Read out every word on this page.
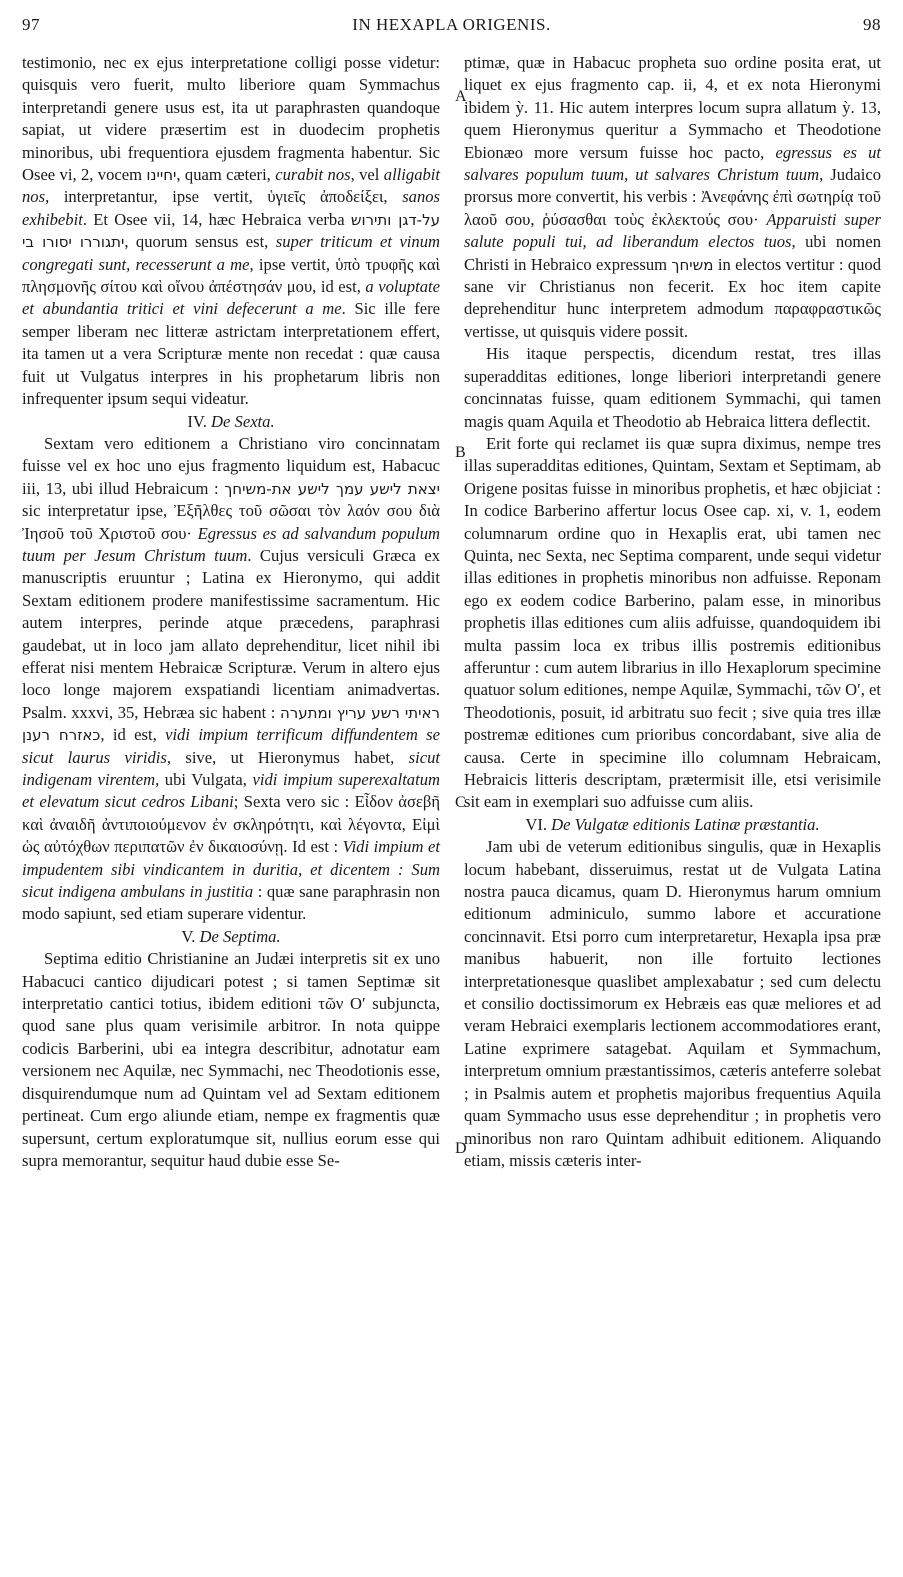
97	IN HEXAPLA ORIGENIS.	98

testimonio, nec ex ejus interpretatione colligi posse videtur: quisquis vero fuerit, multo liberiore quam Symmachus interpretandi genere usus est, ita ut paraphrasten quandoque sapiat, ut videre præsertim est in duodecim prophetis minoribus, ubi frequentiora ejusdem fragmenta habentur. Sic Osee vi, 2, vocem יחיינו, quam cæteri, curabit nos, vel alligabit nos, interpretantur, ipse vertit, ὑγιεῖς ἀποδείξει, sanos exhibebit. Et Osee vii, 14, hæc Hebraica verba על-דגן ותירוש יתגוררו יסורו בי, quorum sensus est, super triticum et vinum congregati sunt, recesserunt a me, ipse vertit, ὑπὸ τρυφῆς καὶ πλησμονῆς σίτου καὶ οἴνου ἀπέστησάν μου, id est, a voluptate et abundantia tritici et vini defecerunt a me. Sic ille fere semper liberam nec litteræ astrictam interpretationem effert, ita tamen ut a vera Scripturæ mente non recedat : quæ causa fuit ut Vulgatus interpres in his prophetarum libris non infrequenter ipsum sequi videatur.

IV. De Sexta.

Sextam vero editionem a Christiano viro concinnatam fuisse vel ex hoc uno ejus fragmento liquidum est, Habacuc iii, 13, ubi illud Hebraicum : יצאת לישע עמך לישע את-משיחך sic interpretatur ipse, Ἐξῆλθες τοῦ σῶσαι τὸν λαόν σου διὰ Ἰησοῦ τοῦ Χριστοῦ σου· Egressus es ad salvandum populum tuum per Jesum Christum tuum. Cujus versiculi Græca ex manuscriptis eruuntur ; Latina ex Hieronymo, qui addit Sextam editionem prodere manifestissime sacramentum. Hic autem interpres, perinde atque præcedens, paraphrasi gaudebat, ut in loco jam allato deprehenditur, licet nihil ibi efferat nisi mentem Hebraicæ Scripturæ. Verum in altero ejus loco longe majorem exspatiandi licentiam animadvertas. Psalm. xxxvi, 35, Hebræa sic habent : ראיתי רשע עריץ ומתערה כאזרח רענן, id est, vidi impium terrificum diffundentem se sicut laurus viridis, sive, ut Hieronymus habet, sicut indigenam virentem, ubi Vulgata, vidi impium superexaltatum et elevatum sicut cedros Libani; Sexta vero sic : Εἶδον ἀσεβῆ καὶ ἀναιδῆ ἀντιποιούμενον ἐν σκληρότητι, καὶ λέγοντα, Εἰμὶ ὡς αὐτόχθων περιπατῶν ἐν δικαιοσύνῃ. Id est : Vidi impium et impudentem sibi vindicantem in duritia, et dicentem : Sum sicut indigena ambulans in justitia : quæ sane paraphrasin non modo sapiunt, sed etiam superare videntur.

V. De Septima.

Septima editio Christianine an Judæi interpretis sit ex uno Habacuci cantico dijudicari potest ; si tamen Septimæ sit interpretatio cantici totius, ibidem editioni τῶν Ο′ subjuncta, quod sane plus quam verisimile arbitror. In nota quippe codicis Barberini, ubi ea integra describitur, adnotatur eam versionem nec Aquilæ, nec Symmachi, nec Theodotionis esse, disquirendumque num ad Quintam vel ad Sextam editionem pertineat. Cum ergo aliunde etiam, nempe ex fragmentis quæ supersunt, certum exploratumque sit, nullius eorum esse qui supra memorantur, sequitur haud dubie esse Se-

A
B
C
D

ptimæ, quæ in Habacuc propheta suo ordine posita erat, ut liquet ex ejus fragmento cap. ii, 4, et ex nota Hieronymi ibidem ỳ. 11. Hic autem interpres locum supra allatum ỳ. 13, quem Hieronymus queritur a Symmacho et Theodotione Ebionæo more versum fuisse hoc pacto, egressus es ut salvares populum tuum, ut salvares Christum tuum, Judaico prorsus more convertit, his verbis : Ἀνεφάνης ἐπὶ σωτηρίᾳ τοῦ λαοῦ σου, ῥύσασθαι τοὺς ἐκλεκτούς σου· Apparuisti super salute populi tui, ad liberandum electos tuos, ubi nomen Christi in Hebraico expressum משיחך in electos vertitur : quod sane vir Christianus non fecerit. Ex hoc item capite deprehenditur hunc interpretem admodum παραφραστικῶς vertisse, ut quisquis videre possit.

His itaque perspectis, dicendum restat, tres illas superadditas editiones, longe liberiori interpretandi genere concinnatas fuisse, quam editionem Symmachi, qui tamen magis quam Aquila et Theodotio ab Hebraica littera deflectit.

Erit forte qui reclamet iis quæ supra diximus, nempe tres illas superadditas editiones, Quintam, Sextam et Septimam, ab Origene positas fuisse in minoribus prophetis, et hæc objiciat : In codice Barberino affertur locus Osee cap. xi, v. 1, eodem columnarum ordine quo in Hexaplis erat, ubi tamen nec Quinta, nec Sexta, nec Septima comparent, unde sequi videtur illas editiones in prophetis minoribus non adfuisse. Reponam ego ex eodem codice Barberino, palam esse, in minoribus prophetis illas editiones cum aliis adfuisse, quandoquidem ibi multa passim loca ex tribus illis postremis editionibus afferuntur : cum autem librarius in illo Hexaplorum specimine quatuor solum editiones, nempe Aquilæ, Symmachi, τῶν Ο′, et Theodotionis, posuit, id arbitratu suo fecit ; sive quia tres illæ postremæ editiones cum prioribus concordabant, sive alia de causa. Certe in specimine illo columnam Hebraicam, Hebraicis litteris descriptam, prætermisit ille, etsi verisimile sit eam in exemplari suo adfuisse cum aliis.

VI. De Vulgatæ editionis Latinæ præstantia.

Jam ubi de veterum editionibus singulis, quæ in Hexaplis locum habebant, disseruimus, restat ut de Vulgata Latina nostra pauca dicamus, quam D. Hieronymus harum omnium editionum adminiculo, summo labore et accuratione concinnavit. Etsi porro cum interpretaretur, Hexapla ipsa præ manibus habuerit, non ille fortuito lectiones interpretationesque quaslibet amplexabatur ; sed cum delectu et consilio doctissimorum ex Hebræis eas quæ meliores et ad veram Hebraici exemplaris lectionem accommodatiores erant, Latine exprimere satagebat. Aquilam et Symmachum, interpretum omnium præstantissimos, cæteris anteferre solebat ; in Psalmis autem et prophetis majoribus frequentius Aquila quam Symmacho usus esse deprehenditur ; in prophetis vero minoribus non raro Quintam adhibuit editionem. Aliquando etiam, missis cæteris inter-
